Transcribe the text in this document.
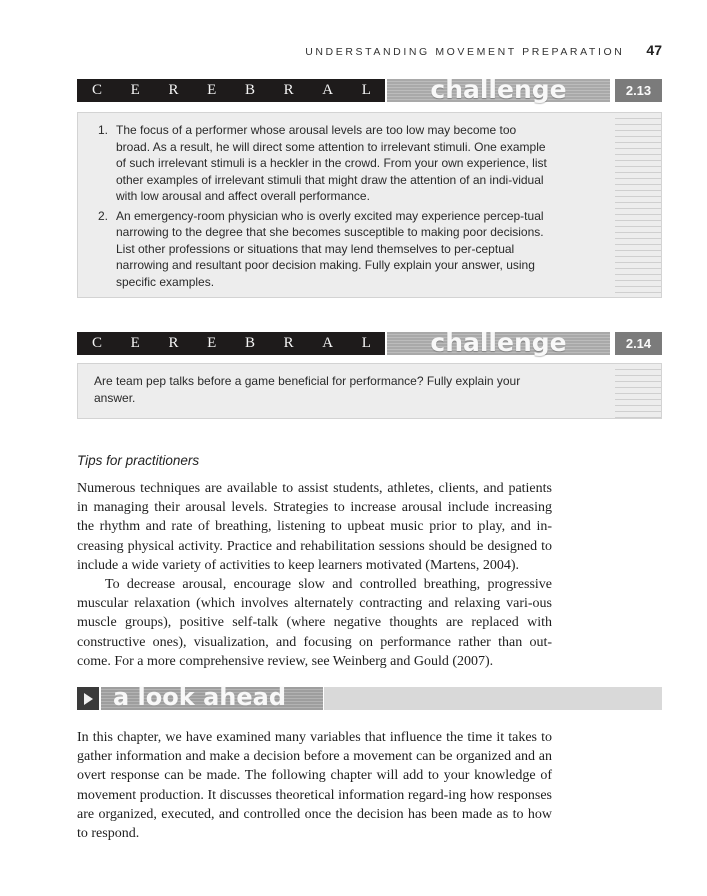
UNDERSTANDING MOVEMENT PREPARATION 47
C E R E B R A L challenge	2.13
1. The focus of a performer whose arousal levels are too low may become too broad. As a result, he will direct some attention to irrelevant stimuli. One example of such irrelevant stimuli is a heckler in the crowd. From your own experience, list other examples of irrelevant stimuli that might draw the attention of an indi-vidual with low arousal and affect overall performance.
2. An emergency-room physician who is overly excited may experience percep-tual narrowing to the degree that she becomes susceptible to making poor decisions. List other professions or situations that may lend themselves to per-ceptual narrowing and resultant poor decision making. Fully explain your answer, using specific examples.
C E R E B R A L challenge	2.14
Are team pep talks before a game beneficial for performance? Fully explain your answer.
Tips for practitioners

Numerous techniques are available to assist students, athletes, clients, and patients in managing their arousal levels. Strategies to increase arousal include increasing the rhythm and rate of breathing, listening to upbeat music prior to play, and in-creasing physical activity. Practice and rehabilitation sessions should be designed to include a wide variety of activities to keep learners motivated (Martens, 2004).

To decrease arousal, encourage slow and controlled breathing, progressive muscular relaxation (which involves alternately contracting and relaxing vari-ous muscle groups), positive self-talk (where negative thoughts are replaced with constructive ones), visualization, and focusing on performance rather than out-come. For a more comprehensive review, see Weinberg and Gould (2007).

a look ahead

In this chapter, we have examined many variables that influence the time it takes to gather information and make a decision before a movement can be organized and an overt response can be made. The following chapter will add to your knowledge of movement production. It discusses theoretical information regard-ing how responses are organized, executed, and controlled once the decision has been made as to how to respond.
